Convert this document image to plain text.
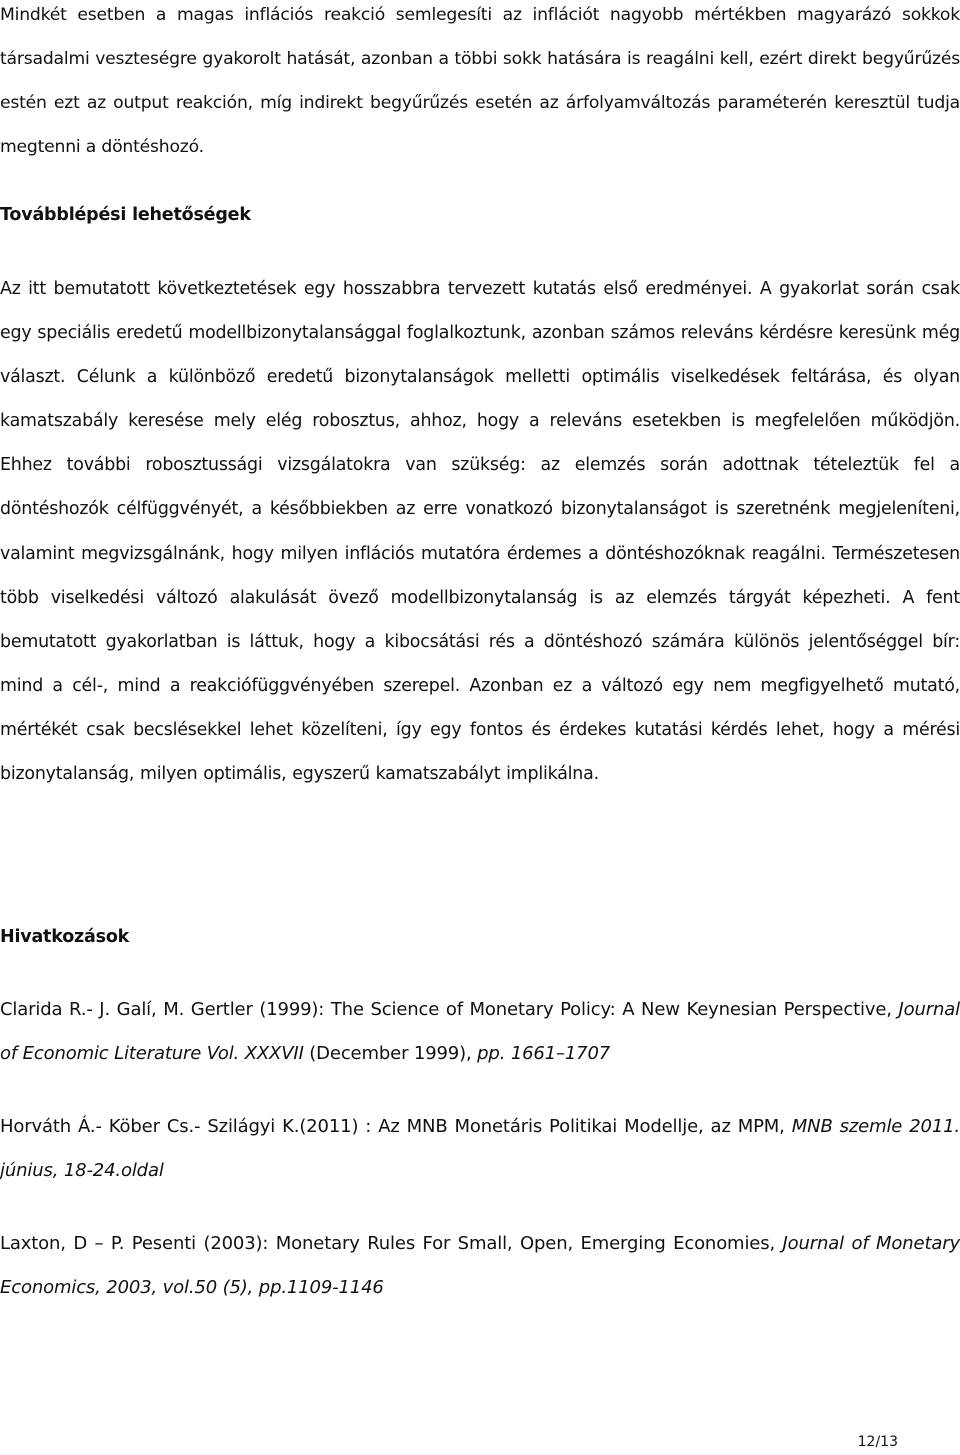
Mindkét esetben a magas inflációs reakció semlegesíti az inflációt nagyobb mértékben magyarázó sokkok társadalmi veszteségre gyakorolt hatását, azonban a többi sokk hatására is reagálni kell, ezért direkt begyűrűzés estén ezt az output reakción, míg indirekt begyűrűzés esetén az árfolyamváltozás paraméterén keresztül tudja megtenni a döntéshozó.

Továbblépési lehetőségek

Az itt bemutatott következtetések egy hosszabbra tervezett kutatás első eredményei. A gyakorlat során csak egy speciális eredetű modellbizonytalansággal foglalkoztunk, azonban számos releváns kérdésre keresünk még választ. Célunk a különböző eredetű bizonytalanságok melletti optimális viselkedések feltárása, és olyan kamatszabály keresése mely elég robosztus, ahhoz, hogy a releváns esetekben is megfelelően működjön. Ehhez további robosztussági vizsgálatokra van szükség: az elemzés során adottnak tételeztük fel a döntéshozók célfüggvényét, a későbbiekben az erre vonatkozó bizonytalanságot is szeretnénk megjeleníteni, valamint megvizsgálnánk, hogy milyen inflációs mutatóra érdemes a döntéshozóknak reagálni. Természetesen több viselkedési változó alakulását övező modellbizonytalanság is az elemzés tárgyát képezheti. A fent bemutatott gyakorlatban is láttuk, hogy a kibocsátási rés a döntéshozó számára különös jelentőséggel bír: mind a cél-, mind a reakciófüggvényében szerepel. Azonban ez a változó egy nem megfigyelhető mutató, mértékét csak becslésekkel lehet közelíteni, így egy fontos és érdekes kutatási kérdés lehet, hogy a mérési bizonytalanság, milyen optimális, egyszerű kamatszabályt implikálna.

Hivatkozások

Clarida R.- J. Galí, M. Gertler (1999): The Science of Monetary Policy: A New Keynesian Perspective, Journal of Economic Literature Vol. XXXVII (December 1999), pp. 1661–1707

Horváth Á.- Köber Cs.- Szilágyi K.(2011) : Az MNB Monetáris Politikai Modellje, az MPM, MNB szemle 2011. június, 18-24.oldal

Laxton, D – P. Pesenti (2003): Monetary Rules For Small, Open, Emerging Economies, Journal of Monetary Economics, 2003, vol.50 (5), pp.1109-1146

12/13
